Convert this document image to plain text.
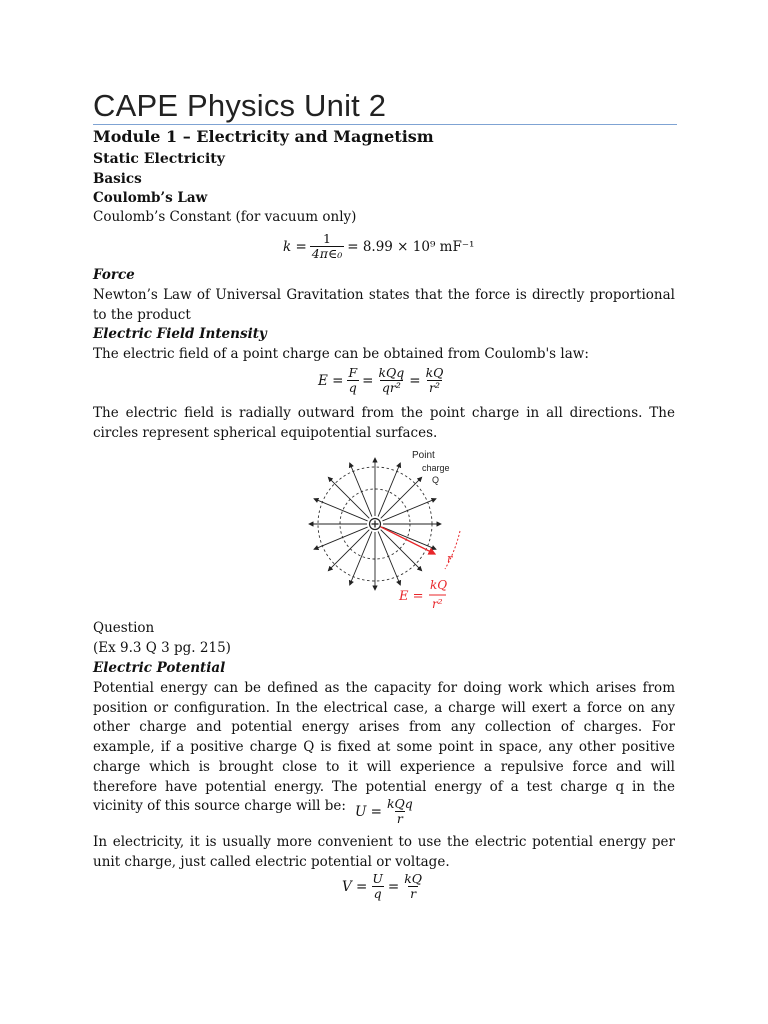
CAPE Physics Unit 2
Module 1 – Electricity and Magnetism
Static Electricity
Basics
Coulomb’s Law
Coulomb’s Constant (for vacuum only)
$k = \frac{1}{\text{4π∈₀}} = 8.99 \times 10^9$ mF⁻¹
Force
Newton’s Law of Universal Gravitation states that the force is directly proportional to the product
Electric Field Intensity
The electric field of a point charge can be obtained from Coulomb's law:
$E = \frac{F}{q} = \frac{\text{kQq}}{\text{qr²}} = \frac{kQ}{\text{r²}}$
The electric field is radially outward from the point charge in all directions. The circles represent spherical equipotential surfaces.
Point
charge
Q
r
E =
kQ
r²
Question
(Ex 9.3 Q 3 pg. 215)
Electric Potential
Potential energy can be defined as the capacity for doing work which arises from position or configuration. In the electrical case, a charge will exert a force on any other charge and potential energy arises from any collection of charges. For example, if a positive charge Q is fixed at some point in space, any other positive charge which is brought close to it will experience a repulsive force and will therefore have potential energy. The potential energy of a test charge q in the vicinity of this source charge will be: $U = \frac{\text{kQq}}{r}$
In electricity, it is usually more convenient to use the electric potential energy per unit charge, just called electric potential or voltage.
$V = \frac{U}{q} = \frac{kQ}{r}$
